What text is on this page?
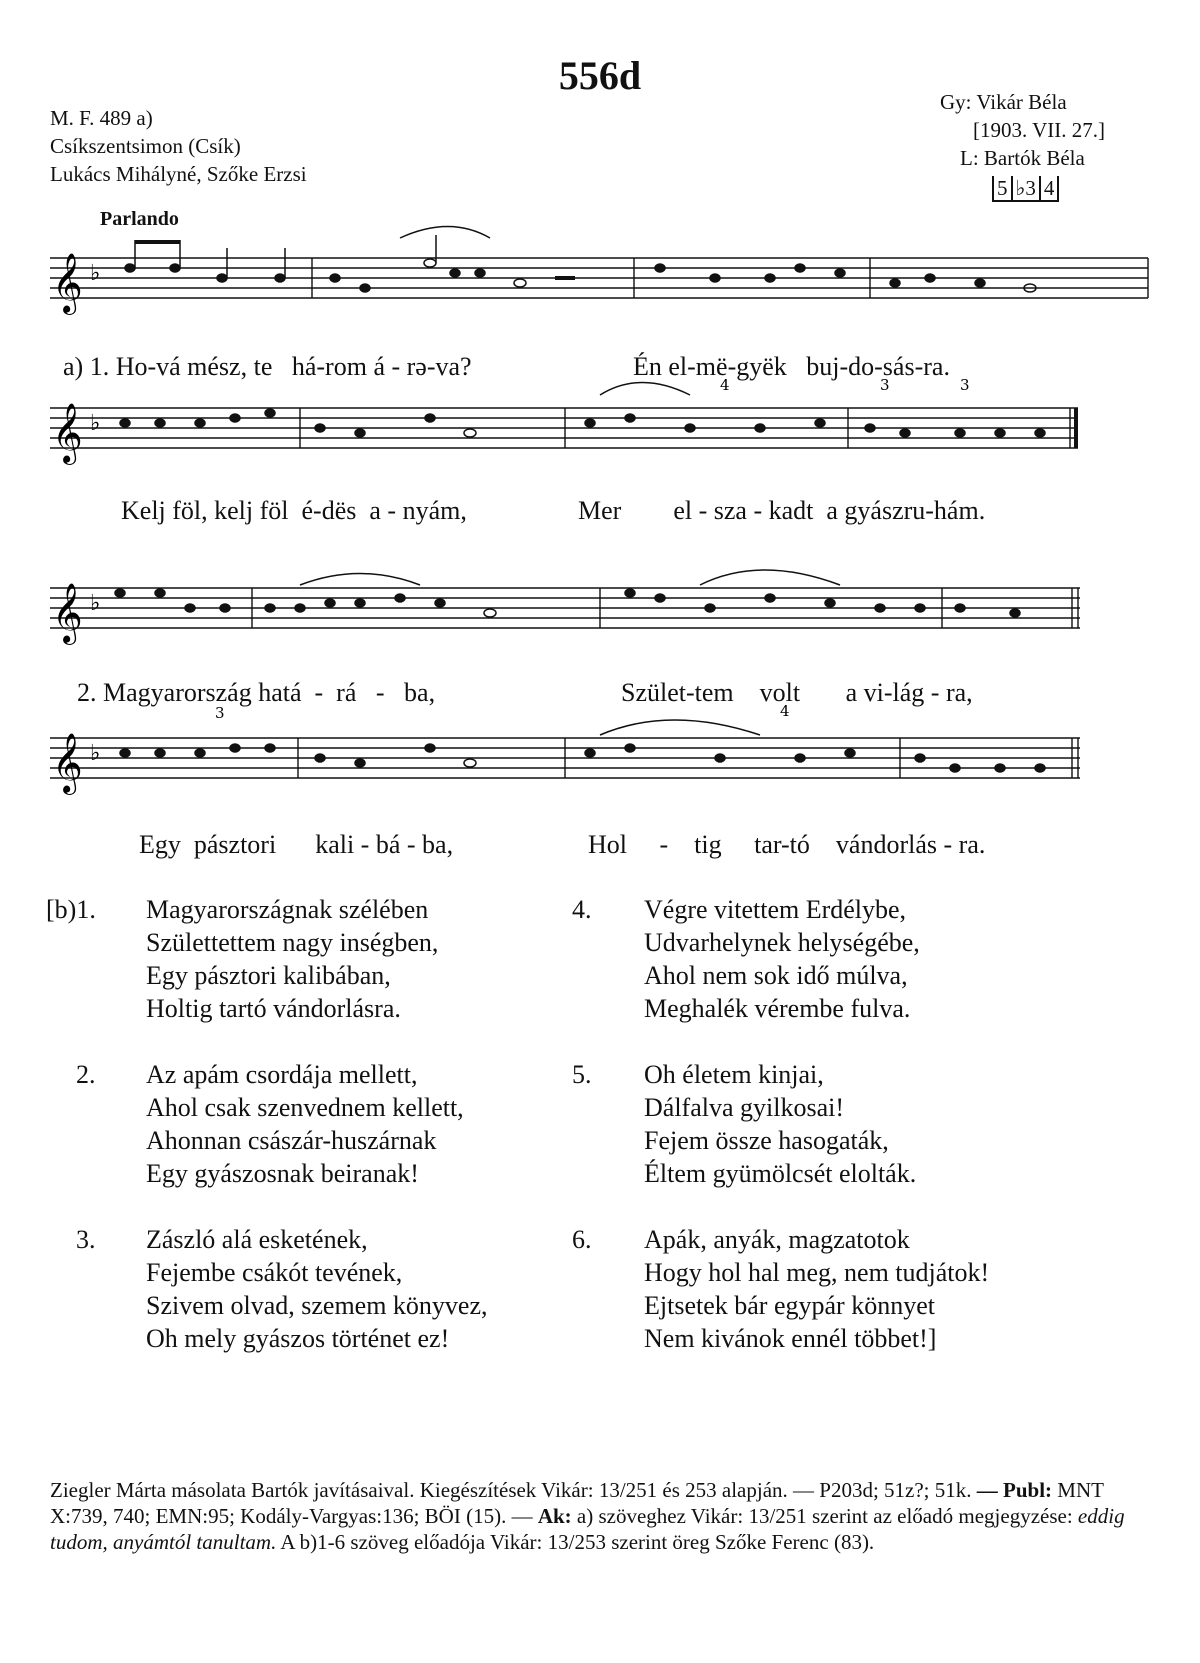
556d
M. F. 489 a)
Csíkszentsimon (Csík)
Lukács Mihályné, Szőke Erzsi
Gy: Vikár Béla
[1903. VII. 27.]
L: Bartók Béla
5 ♭3 4
Parlando
𝄞 ♭

a) 1. Ho-vá mész, te há-rom á - rə-va?	Én el-më-gyëk buj-do-sás-ra.

𝄞 ♭
4	3	3

Kelj föl, kelj föl é-dës  a - nyám,	Mer el - sza - kadt a gyászru-hám.

𝄞 ♭

2. Magyarország hatá  -  rá - ba,	Szület-tem volt a vi-lág - ra,

𝄞 ♭
3	4

Egy  pásztori kali - bá - ba,	Hol - tig tar-tó vándorlás - ra.

[b)1.	Magyarországnak szélében
Születtettem nagy inségben,
Egy pásztori kalibában,
Holtig tartó vándorlásra.
2.	Az apám csordája mellett,
Ahol csak szenvednem kellett,
Ahonnan császár-huszárnak
Egy gyászosnak beiranak!
3.	Zászló alá esketének,
Fejembe csákót tevének,
Szivem olvad, szemem könyvez,
Oh mely gyászos történet ez!
4.	Végre vitettem Erdélybe,
Udvarhelynek helységébe,
Ahol nem sok idő múlva,
Meghalék vérembe fulva.
5.	Oh életem kinjai,
Dálfalva gyilkosai!
Fejem össze hasogaták,
Éltem gyümölcsét elolták.
6.	Apák, anyák, magzatotok
Hogy hol hal meg, nem tudjátok!
Ejtsetek bár egypár könnyet
Nem kivánok ennél többet!]
Ziegler Márta másolata Bartók javításaival. Kiegészítések Vikár: 13/251 és 253 alapján. — P203d; 51z?; 51k. — Publ: MNT X:739, 740; EMN:95; Kodály-Vargyas:136; BÖI (15). — Ak: a) szöveghez Vikár: 13/251 szerint az előadó megjegyzése: eddig tudom, anyámtól tanultam. A b)1-6 szöveg előadója Vikár: 13/253 szerint öreg Szőke Ferenc (83).
